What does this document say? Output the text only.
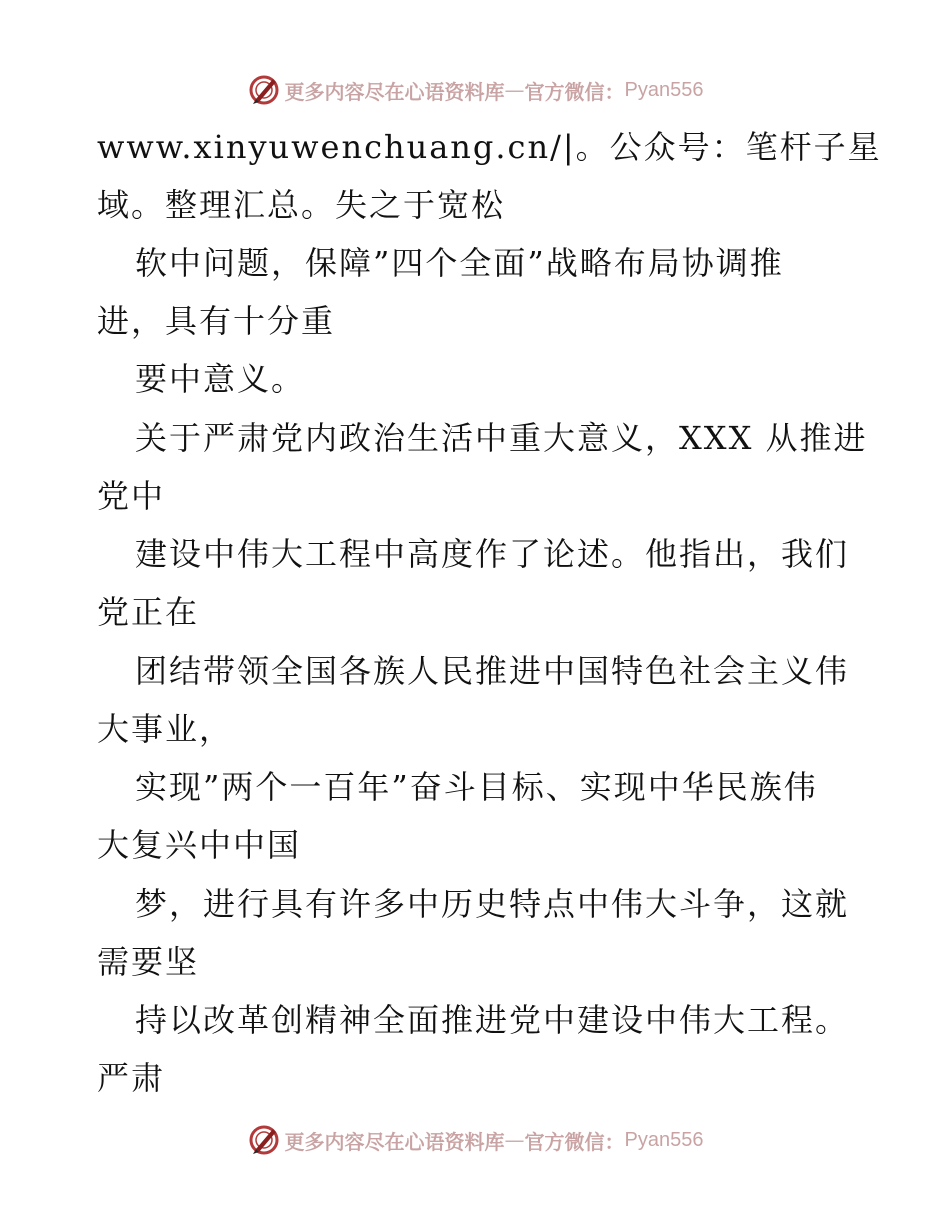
更多内容尽在心语资料库 — 官方微信： Pyan556
www.xinyuwenchuang.cn/|。公众号：笔杆子星
域。整理汇总。失之于宽松
软中问题，保障”四个全面”战略布局协调推
进，具有十分重
要中意义。
关于严肃党内政治生活中重大意义，XXX 从推进
党中
建设中伟大工程中高度作了论述。他指出，我们
党正在
团结带领全国各族人民推进中国特色社会主义伟
大事业，
实现”两个一百年”奋斗目标、实现中华民族伟
大复兴中中国
梦，进行具有许多中历史特点中伟大斗争，这就
需要坚
持以改革创精神全面推进党中建设中伟大工程。
严肃
更多内容尽在心语资料库 — 官方微信： Pyan556
